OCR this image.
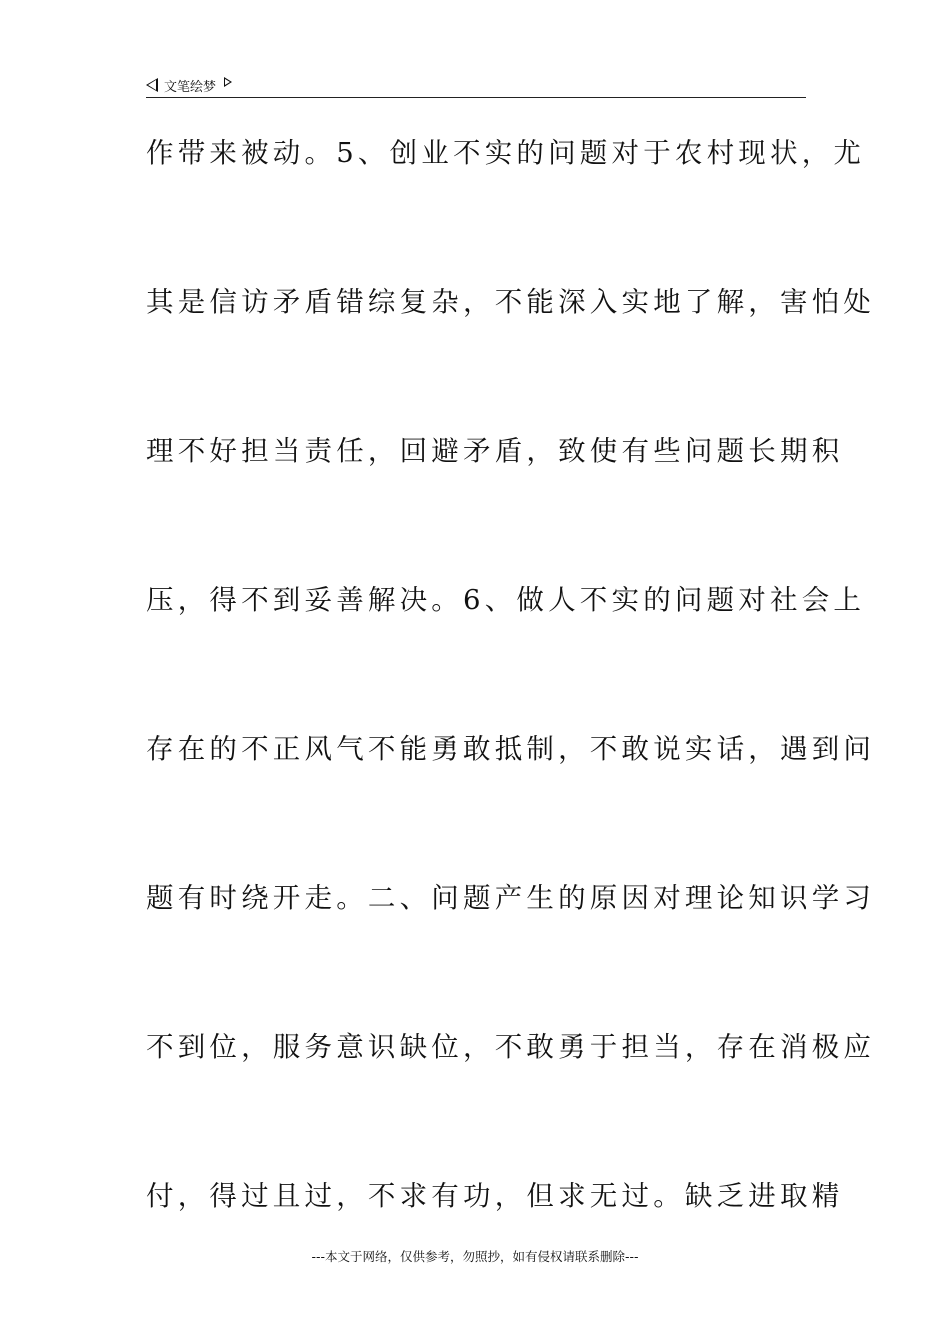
文笔绘梦
作带来被动。5、创业不实的问题对于农村现状，尤
其是信访矛盾错综复杂，不能深入实地了解，害怕处
理不好担当责任，回避矛盾，致使有些问题长期积
压，得不到妥善解决。6、做人不实的问题对社会上
存在的不正风气不能勇敢抵制，不敢说实话，遇到问
题有时绕开走。二、问题产生的原因对理论知识学习
不到位，服务意识缺位，不敢勇于担当，存在消极应
付，得过且过，不求有功，但求无过。缺乏进取精
---本文于网络，仅供参考，勿照抄，如有侵权请联系删除---
